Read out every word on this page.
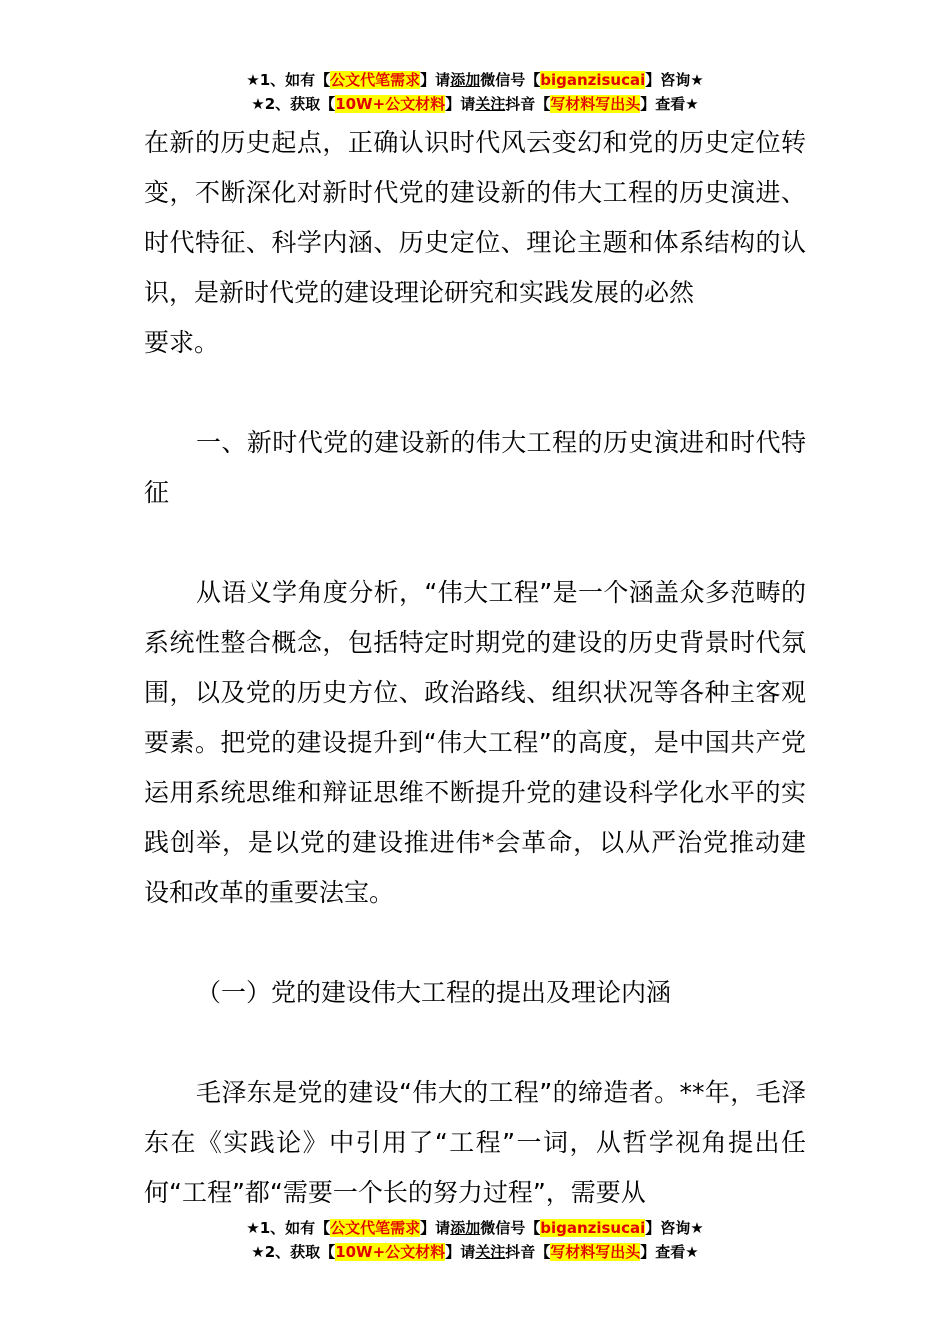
★1、如有【公文代笔需求】请添加微信号【biganzisucai】咨询★
★2、获取【10W+公文材料】请关注抖音【写材料写出头】查看★

在新的历史起点，正确认识时代风云变幻和党的历史定位转变，不断深化对新时代党的建设新的伟大工程的历史演进、时代特征、科学内涵、历史定位、理论主题和体系结构的认识，是新时代党的建设理论研究和实践发展的必然

要求。

一、新时代党的建设新的伟大工程的历史演进和时代特征

从语义学角度分析，“伟大工程”是一个涵盖众多范畴的系统性整合概念，包括特定时期党的建设的历史背景时代氛围，以及党的历史方位、政治路线、组织状况等各种主客观要素。把党的建设提升到“伟大工程”的高度，是中国共产党运用系统思维和辩证思维不断提升党的建设科学化水平的实践创举，是以党的建设推进伟*会革命，以从严治党推动建设和改革的重要法宝。

（一）党的建设伟大工程的提出及理论内涵

毛泽东是党的建设“伟大的工程”的缔造者。**年，毛泽东在《实践论》中引用了“工程”一词，从哲学视角提出任何“工程”都“需要一个长的努力过程”，需要从

★1、如有【公文代笔需求】请添加微信号【biganzisucai】咨询★
★2、获取【10W+公文材料】请关注抖音【写材料写出头】查看★
